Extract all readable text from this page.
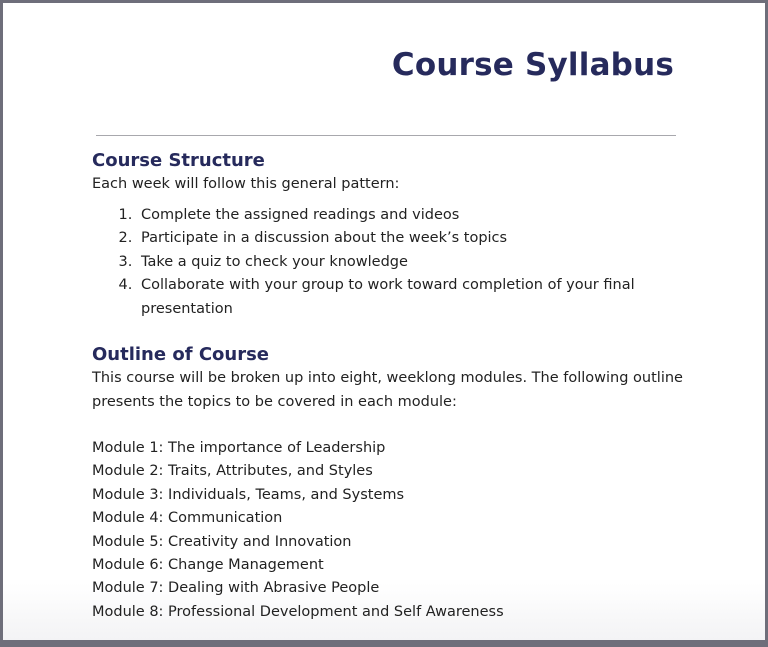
Course Syllabus
Course Structure

Each week will follow this general pattern:

1. Complete the assigned readings and videos
2. Participate in a discussion about the week’s topics
3. Take a quiz to check your knowledge
4. Collaborate with your group to work toward completion of your final presentation
Outline of Course

This course will be broken up into eight, weeklong modules. The following outline presents the topics to be covered in each module:

Module 1: The importance of Leadership

Module 2: Traits, Attributes, and Styles

Module 3: Individuals, Teams, and Systems

Module 4: Communication

Module 5: Creativity and Innovation

Module 6: Change Management

Module 7: Dealing with Abrasive People

Module 8: Professional Development and Self Awareness
